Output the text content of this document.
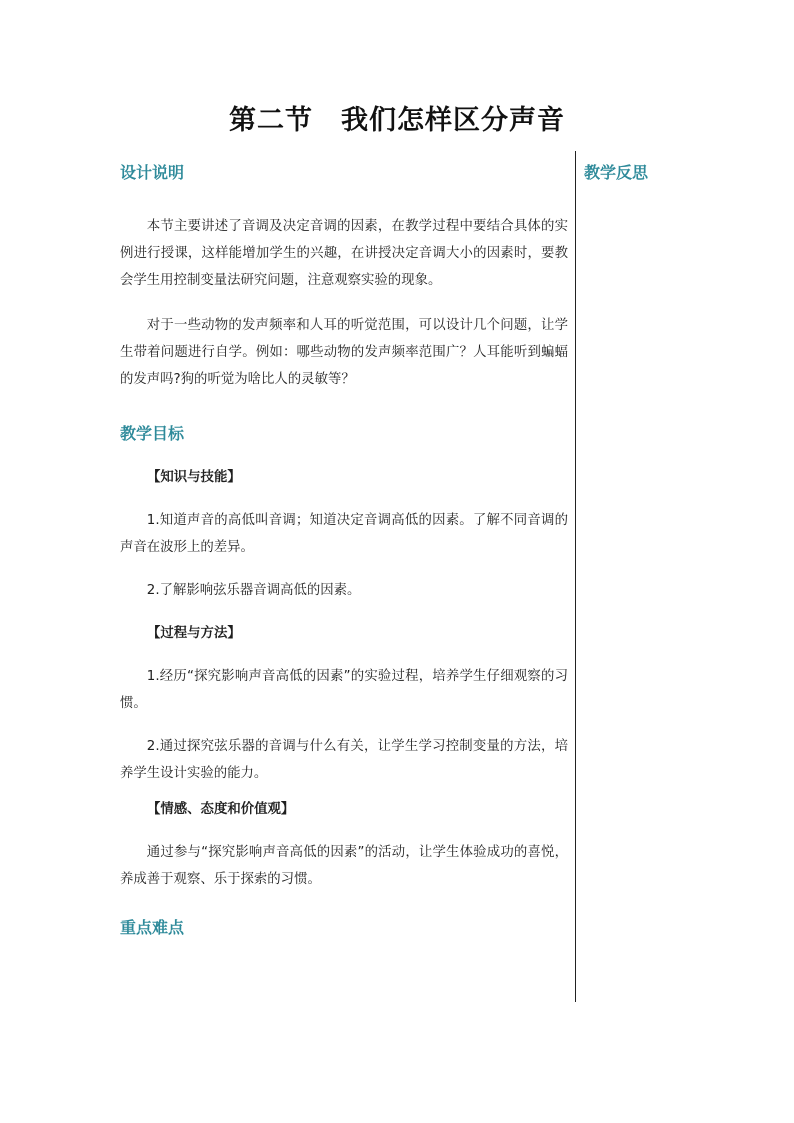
第二节　我们怎样区分声音
教学反思

设计说明

本节主要讲述了音调及决定音调的因素，在教学过程中要结合具体的实例进行授课，这样能增加学生的兴趣，在讲授决定音调大小的因素时，要教会学生用控制变量法研究问题，注意观察实验的现象。

对于一些动物的发声频率和人耳的听觉范围，可以设计几个问题，让学生带着问题进行自学。例如：哪些动物的发声频率范围广？人耳能听到蝙蝠的发声吗?狗的听觉为啥比人的灵敏等？

教学目标

【知识与技能】

1.知道声音的高低叫音调；知道决定音调高低的因素。了解不同音调的声音在波形上的差异。

2.了解影响弦乐器音调高低的因素。

【过程与方法】

1.经历“探究影响声音高低的因素”的实验过程，培养学生仔细观察的习惯。

2.通过探究弦乐器的音调与什么有关，让学生学习控制变量的方法，培养学生设计实验的能力。

【情感、态度和价值观】

通过参与“探究影响声音高低的因素”的活动，让学生体验成功的喜悦，养成善于观察、乐于探索的习惯。

重点难点
